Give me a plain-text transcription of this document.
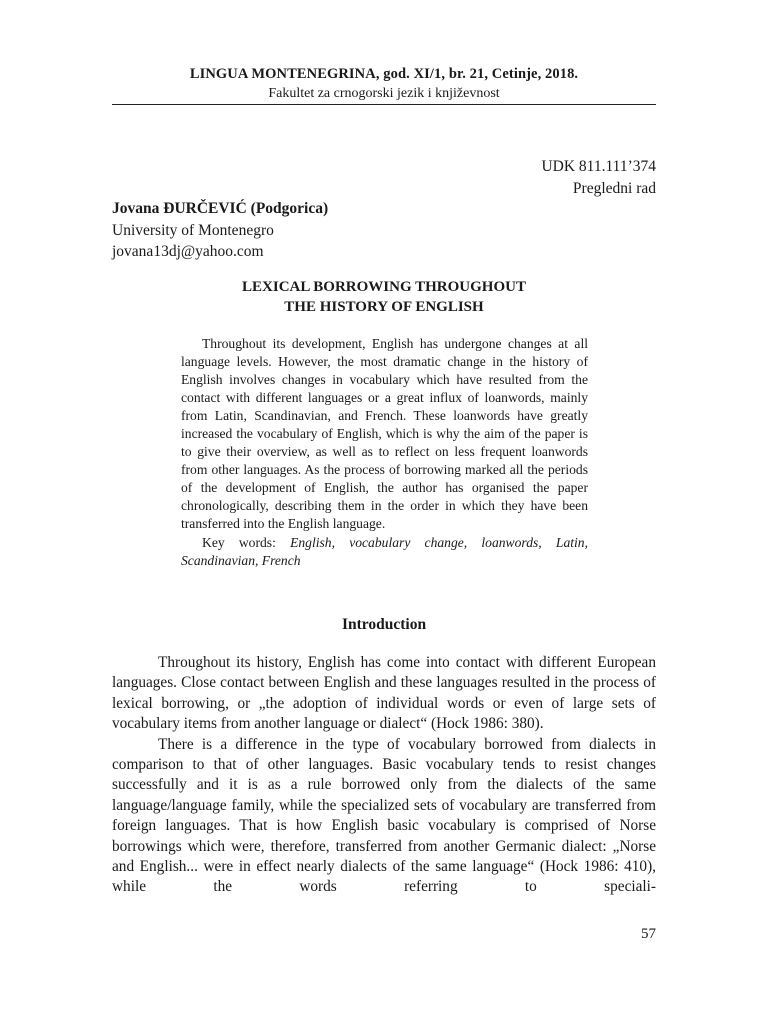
LINGUA MONTENEGRINA, god. XI/1, br. 21, Cetinje, 2018.
Fakultet za crnogorski jezik i književnost
UDK 811.111’374
Pregledni rad
Jovana ĐURČEVIĆ (Podgorica)
University of Montenegro
jovana13dj@yahoo.com
LEXICAL BORROWING THROUGHOUT
THE HISTORY OF ENGLISH

Throughout its development, English has undergone changes at all language levels. However, the most dramatic change in the history of English involves changes in vocabulary which have resulted from the contact with different languages or a great influx of loanwords, mainly from Latin, Scandinavian, and French. These loanwords have greatly increased the vocabulary of English, which is why the aim of the paper is to give their overview, as well as to reflect on less frequent loanwords from other languages. As the process of borrowing marked all the periods of the development of English, the author has organised the paper chronologically, describing them in the order in which they have been transferred into the English language.

Key words: English, vocabulary change, loanwords, Latin, Scandinavian, French

Introduction

Throughout its history, English has come into contact with different European languages. Close contact between English and these languages resulted in the process of lexical borrowing, or „the adoption of individual words or even of large sets of vocabulary items from another language or dialect“ (Hock 1986: 380).

There is a difference in the type of vocabulary borrowed from dialects in comparison to that of other languages. Basic vocabulary tends to resist changes successfully and it is as a rule borrowed only from the dialects of the same language/language family, while the specialized sets of vocabulary are transferred from foreign languages. That is how English basic vocabulary is comprised of Norse borrowings which were, therefore, transferred from another Germanic dialect: „Norse and English... were in effect nearly dialects of the same language“ (Hock 1986: 410), while the words referring to speciali-

57
